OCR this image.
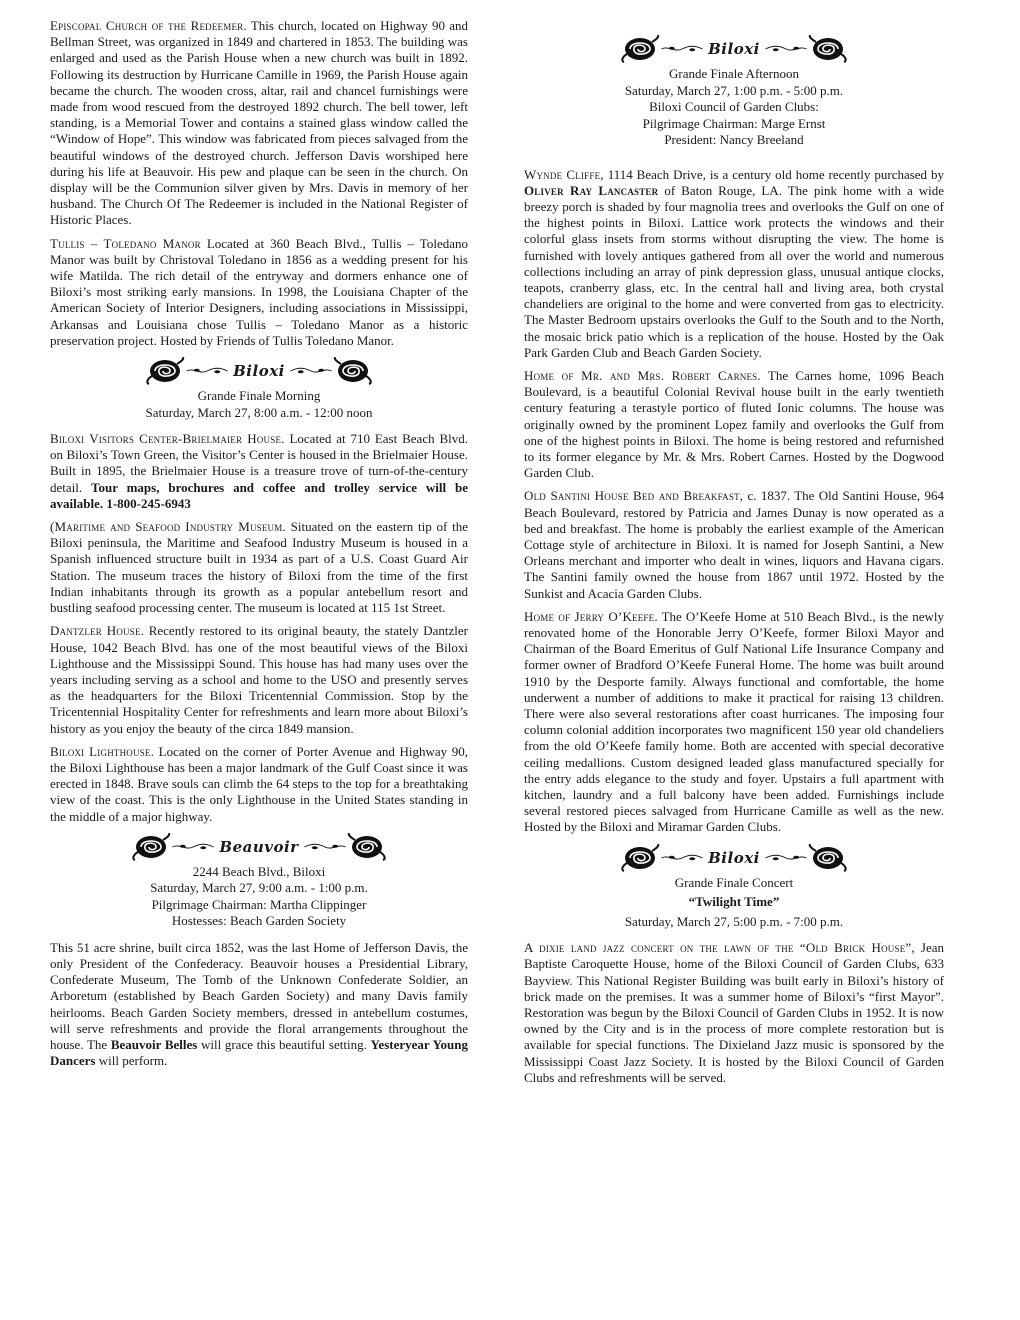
Episcopal Church of the Redeemer. This church, located on Highway 90 and Bellman Street, was organized in 1849 and chartered in 1853. The building was enlarged and used as the Parish House when a new church was built in 1892. Following its destruction by Hurricane Camille in 1969, the Parish House again became the church. The wooden cross, altar, rail and chancel furnishings were made from wood rescued from the destroyed 1892 church. The bell tower, left standing, is a Memorial Tower and contains a stained glass window called the “Window of Hope”. This window was fabricated from pieces salvaged from the beautiful windows of the destroyed church. Jefferson Davis worshiped here during his life at Beauvoir. His pew and plaque can be seen in the church. On display will be the Communion silver given by Mrs. Davis in memory of her husband. The Church Of The Redeemer is included in the National Register of Historic Places.

Tullis – Toledano Manor Located at 360 Beach Blvd., Tullis – Toledano Manor was built by Christoval Toledano in 1856 as a wedding present for his wife Matilda. The rich detail of the entryway and dormers enhance one of Biloxi’s most striking early mansions. In 1998, the Louisiana Chapter of the American Society of Interior Designers, including associations in Mississippi, Arkansas and Louisiana chose Tullis – Toledano Manor as a historic preservation project. Hosted by Friends of Tullis Toledano Manor.

Biloxi
Grande Finale Morning
Saturday, March 27, 8:00 a.m. - 12:00 noon

Biloxi Visitors Center-Brielmaier House. Located at 710 East Beach Blvd. on Biloxi’s Town Green, the Visitor’s Center is housed in the Brielmaier House. Built in 1895, the Brielmaier House is a treasure trove of turn-of-the-century detail. Tour maps, brochures and coffee and trolley service will be available. 1-800-245-6943

(Maritime and Seafood Industry Museum. Situated on the eastern tip of the Biloxi peninsula, the Maritime and Seafood Industry Museum is housed in a Spanish influenced structure built in 1934 as part of a U.S. Coast Guard Air Station. The museum traces the history of Biloxi from the time of the first Indian inhabitants through its growth as a popular antebellum resort and bustling seafood processing center. The museum is located at 115 1st Street.

Dantzler House. Recently restored to its original beauty, the stately Dantzler House, 1042 Beach Blvd. has one of the most beautiful views of the Biloxi Lighthouse and the Mississippi Sound. This house has had many uses over the years including serving as a school and home to the USO and presently serves as the headquarters for the Biloxi Tricentennial Commission. Stop by the Tricentennial Hospitality Center for refreshments and learn more about Biloxi’s history as you enjoy the beauty of the circa 1849 mansion.

Biloxi Lighthouse. Located on the corner of Porter Avenue and Highway 90, the Biloxi Lighthouse has been a major landmark of the Gulf Coast since it was erected in 1848. Brave souls can climb the 64 steps to the top for a breathtaking view of the coast. This is the only Lighthouse in the United States standing in the middle of a major highway.

Beauvoir
2244 Beach Blvd., Biloxi
Saturday, March 27, 9:00 a.m. - 1:00 p.m.
Pilgrimage Chairman: Martha Clippinger
Hostesses: Beach Garden Society

This 51 acre shrine, built circa 1852, was the last Home of Jefferson Davis, the only President of the Confederacy. Beauvoir houses a Presidential Library, Confederate Museum, The Tomb of the Unknown Confederate Soldier, an Arboretum (established by Beach Garden Society) and many Davis family heirlooms. Beach Garden Society members, dressed in antebellum costumes, will serve refreshments and provide the floral arrangements throughout the house. The Beauvoir Belles will grace this beautiful setting. Yesteryear Young Dancers will perform.

Biloxi
Grande Finale Afternoon
Saturday, March 27, 1:00 p.m. - 5:00 p.m.
Biloxi Council of Garden Clubs:
Pilgrimage Chairman: Marge Ernst
President: Nancy Breeland

Wynde Cliffe, 1114 Beach Drive, is a century old home recently purchased by Oliver Ray Lancaster of Baton Rouge, LA. The pink home with a wide breezy porch is shaded by four magnolia trees and overlooks the Gulf on one of the highest points in Biloxi. Lattice work protects the windows and their colorful glass insets from storms without disrupting the view. The home is furnished with lovely antiques gathered from all over the world and numerous collections including an array of pink depression glass, unusual antique clocks, teapots, cranberry glass, etc. In the central hall and living area, both crystal chandeliers are original to the home and were converted from gas to electricity. The Master Bedroom upstairs overlooks the Gulf to the South and to the North, the mosaic brick patio which is a replication of the house. Hosted by the Oak Park Garden Club and Beach Garden Society.

Home of Mr. and Mrs. Robert Carnes. The Carnes home, 1096 Beach Boulevard, is a beautiful Colonial Revival house built in the early twentieth century featuring a terastyle portico of fluted Ionic columns. The house was originally owned by the prominent Lopez family and overlooks the Gulf from one of the highest points in Biloxi. The home is being restored and refurnished to its former elegance by Mr. & Mrs. Robert Carnes. Hosted by the Dogwood Garden Club.

Old Santini House Bed and Breakfast, c. 1837. The Old Santini House, 964 Beach Boulevard, restored by Patricia and James Dunay is now operated as a bed and breakfast. The home is probably the earliest example of the American Cottage style of architecture in Biloxi. It is named for Joseph Santini, a New Orleans merchant and importer who dealt in wines, liquors and Havana cigars. The Santini family owned the house from 1867 until 1972. Hosted by the Sunkist and Acacia Garden Clubs.

Home of Jerry O’Keefe. The O’Keefe Home at 510 Beach Blvd., is the newly renovated home of the Honorable Jerry O’Keefe, former Biloxi Mayor and Chairman of the Board Emeritus of Gulf National Life Insurance Company and former owner of Bradford O’Keefe Funeral Home. The home was built around 1910 by the Desporte family. Always functional and comfortable, the home underwent a number of additions to make it practical for raising 13 children. There were also several restorations after coast hurricanes. The imposing four column colonial addition incorporates two magnificent 150 year old chandeliers from the old O’Keefe family home. Both are accented with special decorative ceiling medallions. Custom designed leaded glass manufactured specially for the entry adds elegance to the study and foyer. Upstairs a full apartment with kitchen, laundry and a full balcony have been added. Furnishings include several restored pieces salvaged from Hurricane Camille as well as the new. Hosted by the Biloxi and Miramar Garden Clubs.

Biloxi
Grande Finale Concert
“Twilight Time”
Saturday, March 27, 5:00 p.m. - 7:00 p.m.

A dixie land jazz concert on the lawn of the “Old Brick House”, Jean Baptiste Caroquette House, home of the Biloxi Council of Garden Clubs, 633 Bayview. This National Register Building was built early in Biloxi’s history of brick made on the premises. It was a summer home of Biloxi’s “first Mayor”. Restoration was begun by the Biloxi Council of Garden Clubs in 1952. It is now owned by the City and is in the process of more complete restoration but is available for special functions. The Dixieland Jazz music is sponsored by the Mississippi Coast Jazz Society. It is hosted by the Biloxi Council of Garden Clubs and refreshments will be served.
